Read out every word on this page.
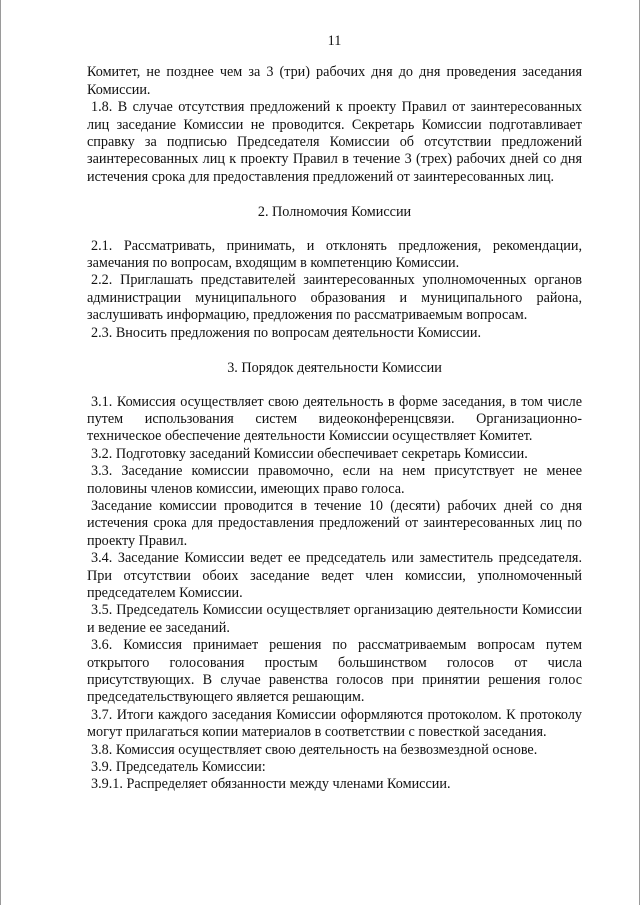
11

Комитет, не позднее чем за 3 (три) рабочих дня до дня проведения заседания Комиссии.

1.8. В случае отсутствия предложений к проекту Правил от заинтересованных лиц заседание Комиссии не проводится. Секретарь Комиссии подготавливает справку за подписью Председателя Комиссии об отсутствии предложений заинтересованных лиц к проекту Правил в течение 3 (трех) рабочих дней со дня истечения срока для предоставления предложений от заинтересованных лиц.

2. Полномочия Комиссии

2.1. Рассматривать, принимать, и отклонять предложения, рекомендации, замечания по вопросам, входящим в компетенцию Комиссии.

2.2. Приглашать представителей заинтересованных уполномоченных органов администрации муниципального образования и муниципального района, заслушивать информацию, предложения по рассматриваемым вопросам.

2.3. Вносить предложения по вопросам деятельности Комиссии.

3. Порядок деятельности Комиссии

3.1. Комиссия осуществляет свою деятельность в форме заседания, в том числе путем использования систем видеоконференцсвязи. Организационно-техническое обеспечение деятельности Комиссии осуществляет Комитет.

3.2. Подготовку заседаний Комиссии обеспечивает секретарь Комиссии.

3.3. Заседание комиссии правомочно, если на нем присутствует не менее половины членов комиссии, имеющих право голоса.

Заседание комиссии проводится в течение 10 (десяти) рабочих дней со дня истечения срока для предоставления предложений от заинтересованных лиц по проекту Правил.

3.4. Заседание Комиссии ведет ее председатель или заместитель председателя. При отсутствии обоих заседание ведет член комиссии, уполномоченный председателем Комиссии.

3.5. Председатель Комиссии осуществляет организацию деятельности Комиссии и ведение ее заседаний.

3.6. Комиссия принимает решения по рассматриваемым вопросам путем открытого голосования простым большинством голосов от числа присутствующих. В случае равенства голосов при принятии решения голос председательствующего является решающим.

3.7. Итоги каждого заседания Комиссии оформляются протоколом. К протоколу могут прилагаться копии материалов в соответствии с повесткой заседания.

3.8. Комиссия осуществляет свою деятельность на безвозмездной основе.

3.9. Председатель Комиссии:

3.9.1. Распределяет обязанности между членами Комиссии.
